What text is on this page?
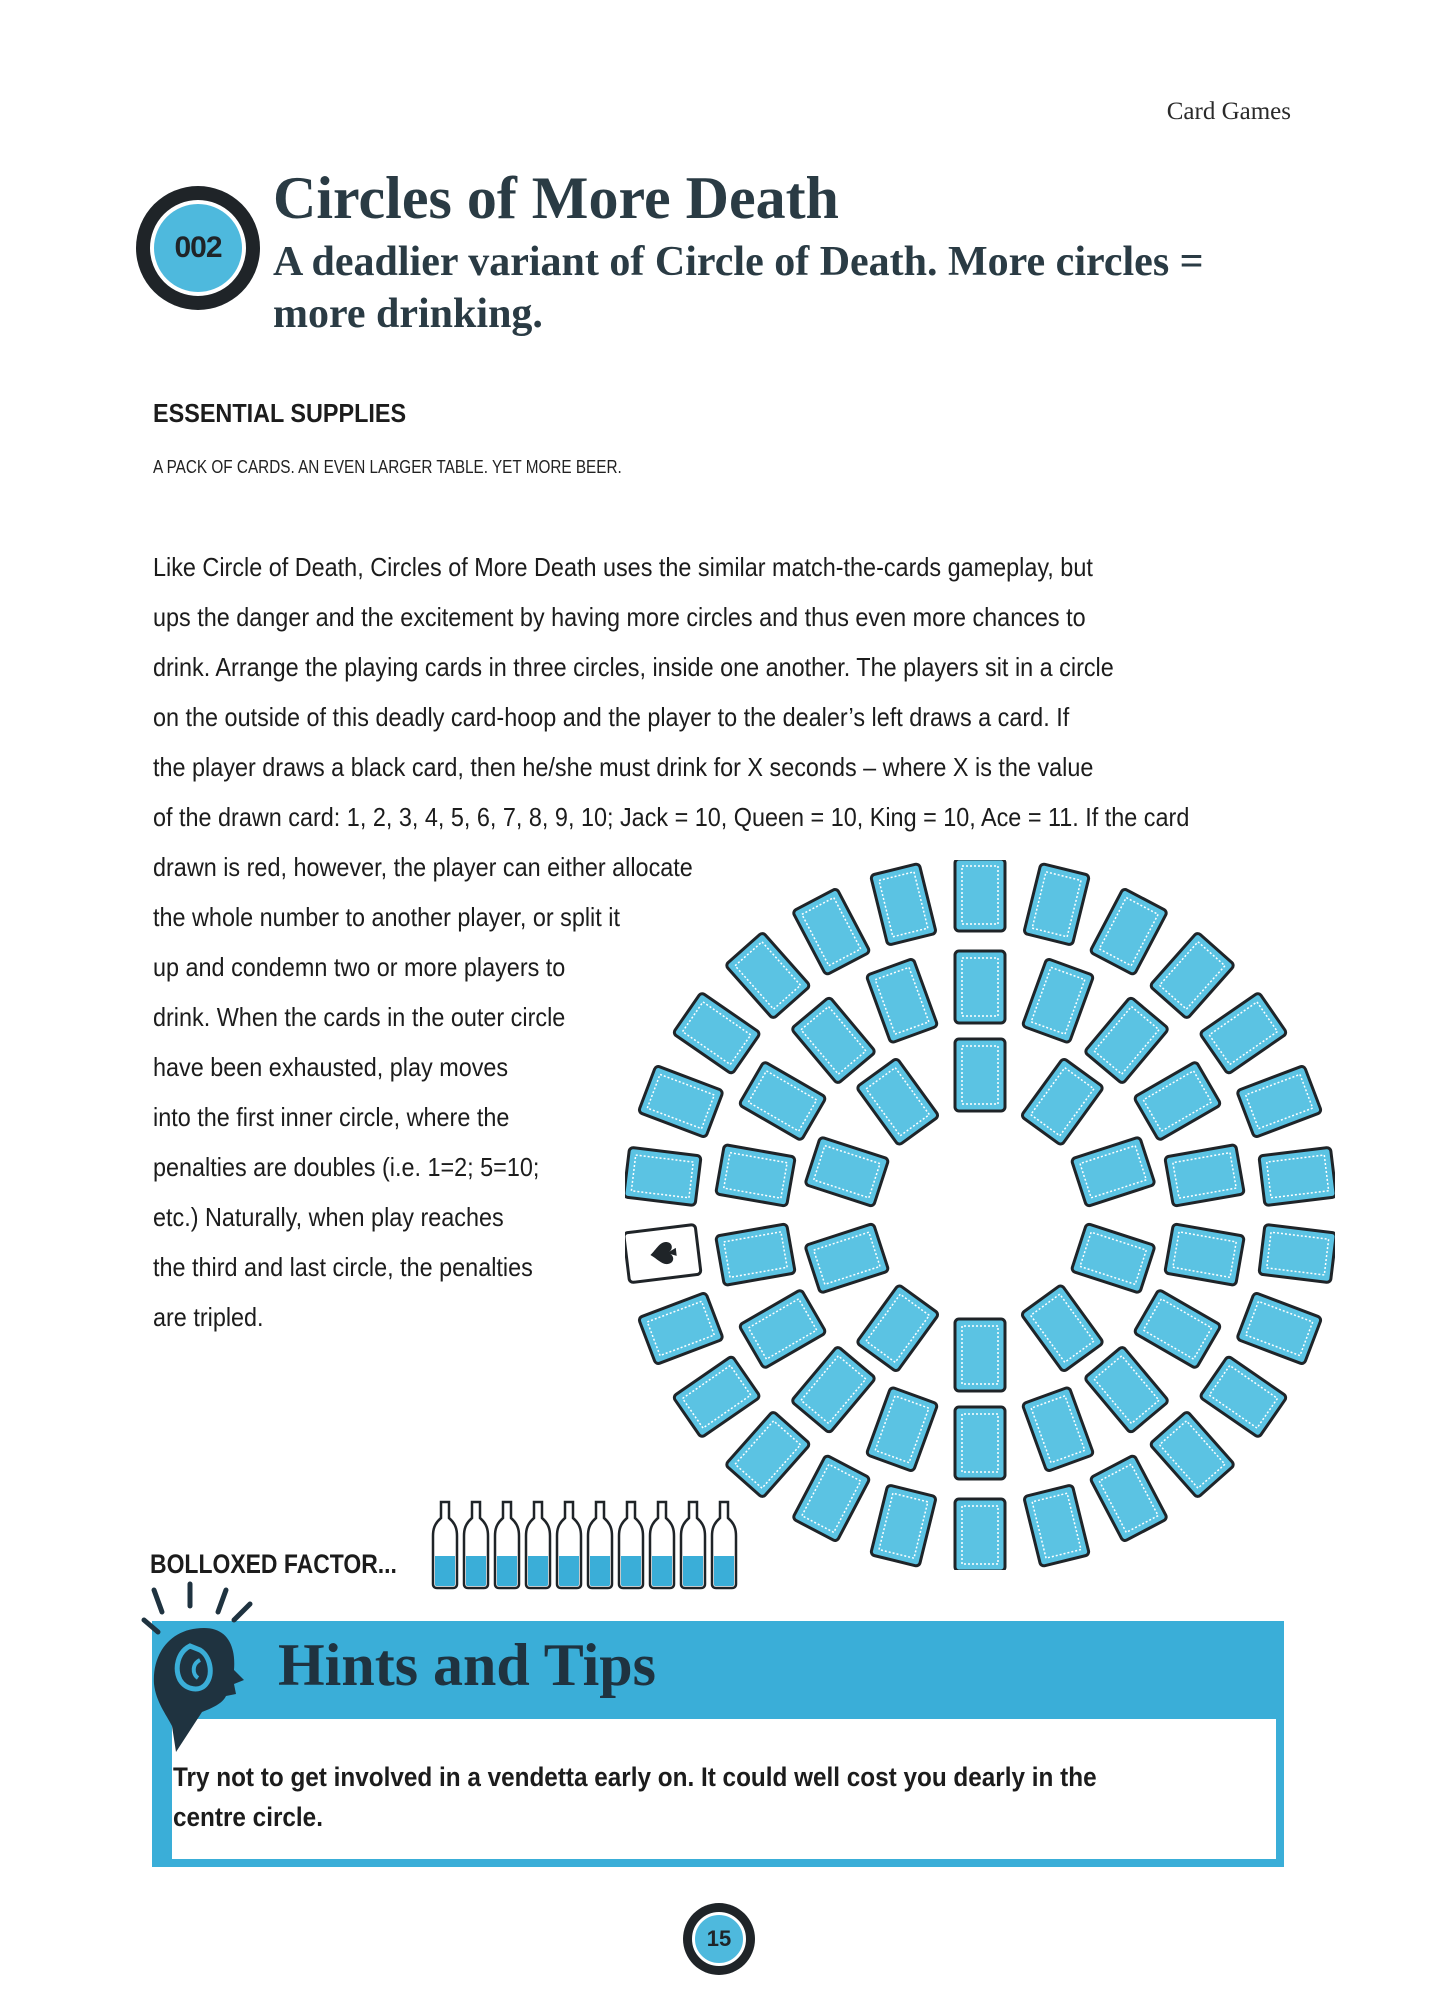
Card Games
002
Circles of More Death
A deadlier variant of Circle of Death. More circles = more drinking.
ESSENTIAL SUPPLIES
A PACK OF CARDS. AN EVEN LARGER TABLE. YET MORE BEER.

Like Circle of Death, Circles of More Death uses the similar match-the-cards gameplay, but

ups the danger and the excitement by having more circles and thus even more chances to

drink. Arrange the playing cards in three circles, inside one another. The players sit in a circle

on the outside of this deadly card-hoop and the player to the dealer’s left draws a card. If

the player draws a black card, then he/she must drink for X seconds – where X is the value

of the drawn card: 1, 2, 3, 4, 5, 6, 7, 8, 9, 10; Jack = 10, Queen = 10, King = 10, Ace = 11. If the card

drawn is red, however, the player can either allocate

the whole number to another player, or split it

up and condemn two or more players to

drink. When the cards in the outer circle

have been exhausted, play moves

into the first inner circle, where the

penalties are doubles (i.e. 1=2; 5=10;

etc.) Naturally, when play reaches

the third and last circle, the penalties

are tripled.

BOLLOXED FACTOR...
Hints and Tips
Try not to get involved in a vendetta early on. It could well cost you dearly in the centre circle.
15
